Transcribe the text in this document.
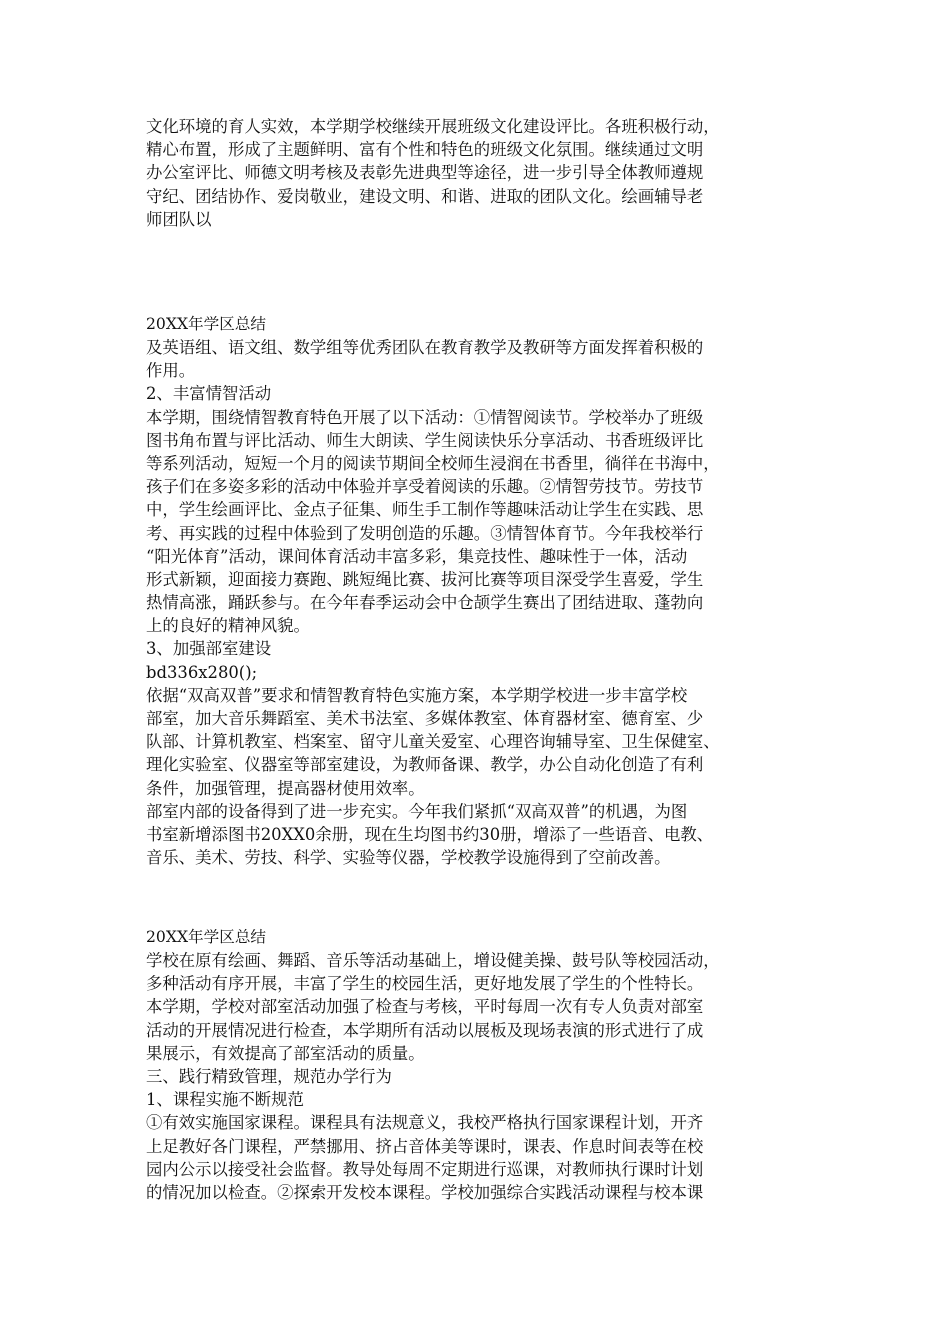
文化环境的育人实效，本学期学校继续开展班级文化建设评比。各班积极行动，
精心布置，形成了主题鲜明、富有个性和特色的班级文化氛围。继续通过文明
办公室评比、师德文明考核及表彰先进典型等途径，进一步引导全体教师遵规
守纪、团结协作、爱岗敬业，建设文明、和谐、进取的团队文化。绘画辅导老
师团队以
20XX年学区总结
及英语组、语文组、数学组等优秀团队在教育教学及教研等方面发挥着积极的
作用。
2、丰富情智活动
本学期，围绕情智教育特色开展了以下活动：①情智阅读节。学校举办了班级
图书角布置与评比活动、师生大朗读、学生阅读快乐分享活动、书香班级评比
等系列活动，短短一个月的阅读节期间全校师生浸润在书香里，徜徉在书海中，
孩子们在多姿多彩的活动中体验并享受着阅读的乐趣。②情智劳技节。劳技节
中，学生绘画评比、金点子征集、师生手工制作等趣味活动让学生在实践、思
考、再实践的过程中体验到了发明创造的乐趣。③情智体育节。今年我校举行
“阳光体育”活动，课间体育活动丰富多彩，集竞技性、趣味性于一体，活动
形式新颖，迎面接力赛跑、跳短绳比赛、拔河比赛等项目深受学生喜爱，学生
热情高涨，踊跃参与。在今年春季运动会中仓颉学生赛出了团结进取、蓬勃向
上的良好的精神风貌。
3、加强部室建设
bd336x280();
依据“双高双普”要求和情智教育特色实施方案，本学期学校进一步丰富学校
部室，加大音乐舞蹈室、美术书法室、多媒体教室、体育器材室、德育室、少
队部、计算机教室、档案室、留守儿童关爱室、心理咨询辅导室、卫生保健室、
理化实验室、仪器室等部室建设，为教师备课、教学，办公自动化创造了有利
条件，加强管理，提高器材使用效率。
部室内部的设备得到了进一步充实。今年我们紧抓“双高双普”的机遇，为图
书室新增添图书20XX0余册，现在生均图书约30册，增添了一些语音、电教、
音乐、美术、劳技、科学、实验等仪器，学校教学设施得到了空前改善。
20XX年学区总结
学校在原有绘画、舞蹈、音乐等活动基础上，增设健美操、鼓号队等校园活动，
多种活动有序开展，丰富了学生的校园生活，更好地发展了学生的个性特长。
本学期，学校对部室活动加强了检查与考核，平时每周一次有专人负责对部室
活动的开展情况进行检查，本学期所有活动以展板及现场表演的形式进行了成
果展示，有效提高了部室活动的质量。
三、践行精致管理，规范办学行为
1、课程实施不断规范
①有效实施国家课程。课程具有法规意义，我校严格执行国家课程计划，开齐
上足教好各门课程，严禁挪用、挤占音体美等课时，课表、作息时间表等在校
园内公示以接受社会监督。教导处每周不定期进行巡课，对教师执行课时计划
的情况加以检查。②探索开发校本课程。学校加强综合实践活动课程与校本课
